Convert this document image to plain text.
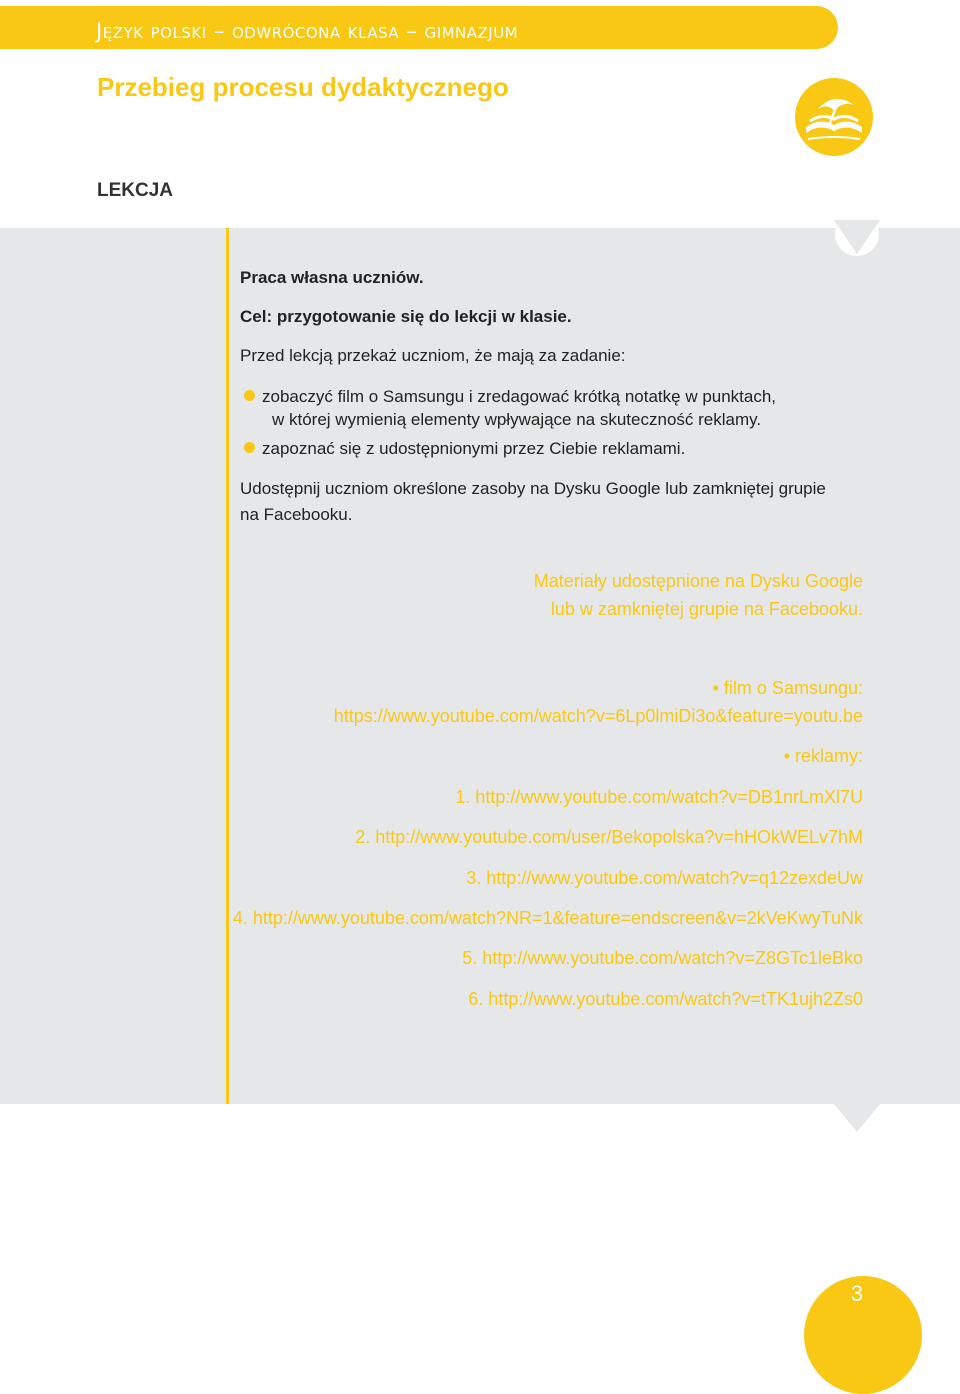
Język polski – odwrócona klasa – gimnazjum
Przebieg procesu dydaktycznego
LEKCJA
Praca własna uczniów.
Cel: przygotowanie się do lekcji w klasie.
Przed lekcją przekaż uczniom, że mają za zadanie:
zobaczyć film o Samsungu i zredagować krótką notatkę w punktach,
w której wymienią elementy wpływające na skuteczność reklamy.
zapoznać się z udostępnionymi przez Ciebie reklamami.
Udostępnij uczniom określone zasoby na Dysku Google lub zamkniętej grupie
na Facebooku.
Materiały udostępnione na Dysku Google
lub w zamkniętej grupie na Facebooku.
• film o Samsungu:
https://www.youtube.com/watch?v=6Lp0lmiDi3o&feature=youtu.be
• reklamy:
1. http://www.youtube.com/watch?v=DB1nrLmXl7U
2. http://www.youtube.com/user/Bekopolska?v=hHOkWELv7hM
3. http://www.youtube.com/watch?v=q12zexdeUw
4. http://www.youtube.com/watch?NR=1&feature=endscreen&v=2kVeKwyTuNk
5. http://www.youtube.com/watch?v=Z8GTc1leBko
6. http://www.youtube.com/watch?v=tTK1ujh2Zs0
3
